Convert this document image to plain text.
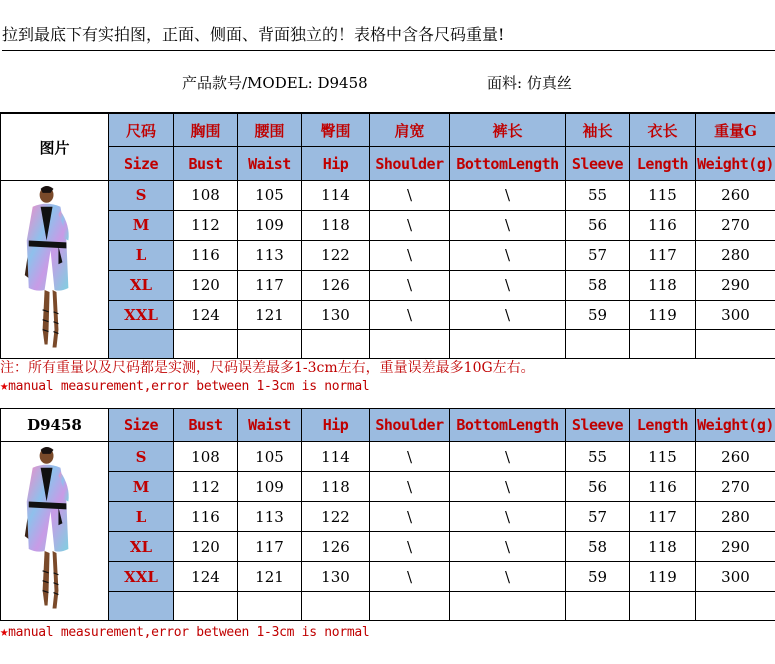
拉到最底下有实拍图，正面、侧面、背面独立的！表格中含各尺码重量!
产品款号/MODEL: D9458	面料: 仿真丝
图片	尺码	胸围	腰围	臀围	肩宽	裤长	袖长	衣长	重量G
	Size	Bust	Waist	Hip	Shoulder	BottomLength	Sleeve	Length	Weight(g)
	S	108	105	114	\	\	55	115	260
	M	112	109	118	\	\	56	116	270
	L	116	113	122	\	\	57	117	280
	XL	120	117	126	\	\	58	118	290
	XXL	124	121	130	\	\	59	119	300

注：所有重量以及尺码都是实测，尺码误差最多1-3cm左右，重量误差最多10G左右。
★manual measurement,error between 1-3cm is normal
D9458	Size	Bust	Waist	Hip	Shoulder	BottomLength	Sleeve	Length	Weight(g)
	S	108	105	114	\	\	55	115	260
	M	112	109	118	\	\	56	116	270
	L	116	113	122	\	\	57	117	280
	XL	120	117	126	\	\	58	118	290
	XXL	124	121	130	\	\	59	119	300

★manual measurement,error between 1-3cm is normal
